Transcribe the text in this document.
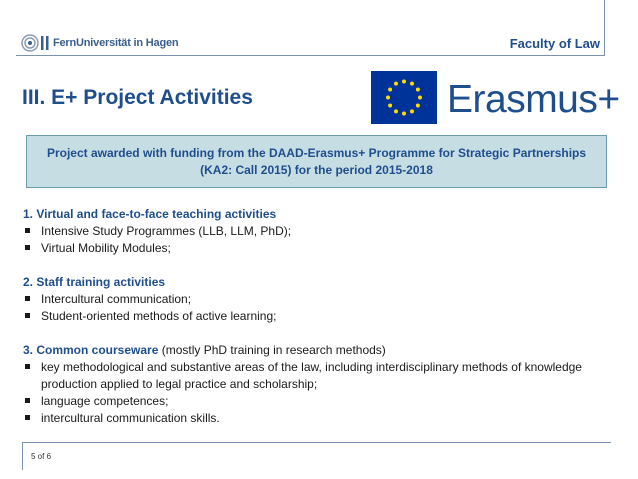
FernUniversität in Hagen	Faculty of Law
III. E+ Project Activities	Erasmus+
Project awarded with funding from the DAAD-Erasmus+ Programme for Strategic Partnerships (KA2: Call 2015) for the period 2015-2018
1. Virtual and face-to-face teaching activities
Intensive Study Programmes (LLB, LLM, PhD);
Virtual Mobility Modules;
2. Staff training activities
Intercultural communication;
Student-oriented methods of active learning;
3. Common courseware (mostly PhD training in research methods)
key methodological and substantive areas of the law, including interdisciplinary methods of knowledge production applied to legal practice and scholarship;
language competences;
intercultural communication skills.
5 of 6
